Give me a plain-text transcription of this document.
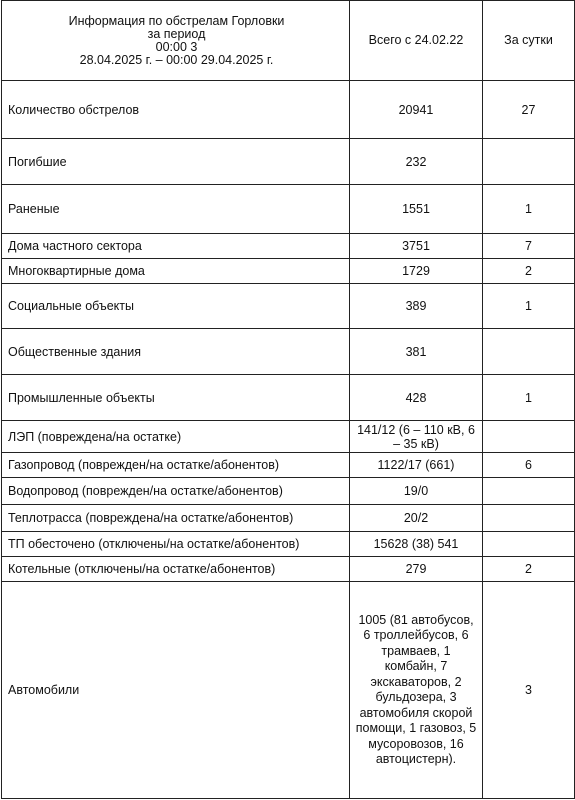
Информация по обстрелам Горловки
за период
00:00 3
28.04.2025 г. – 00:00 29.04.2025 г.	Всего с 24.02.22	За сутки
Количество обстрелов	20941	27
Погибшие	232	
Раненые	1551	1
Дома частного сектора	3751	7
Многоквартирные дома	1729	2
Социальные объекты	389	1
Общественные здания	381	
Промышленные объекты	428	1
ЛЭП (повреждена/на остатке)	141/12 (6 – 110 кВ, 6 – 35 кВ)	
Газопровод (поврежден/на остатке/абонентов)	1122/17 (661)	6
Водопровод (поврежден/на остатке/абонентов)	19/0	
Теплотрасса (повреждена/на остатке/абонентов)	20/2	
ТП обесточено (отключены/на остатке/абонентов)	15628 (38) 541	
Котельные (отключены/на остатке/абонентов)	279	2
Автомобили	1005 (81 автобусов, 6 троллейбусов, 6 трамваев, 1 комбайн, 7 экскаваторов, 2 бульдозера, 3 автомобиля скорой помощи, 1 газовоз, 5 мусоровозов, 16 автоцистерн).	3
